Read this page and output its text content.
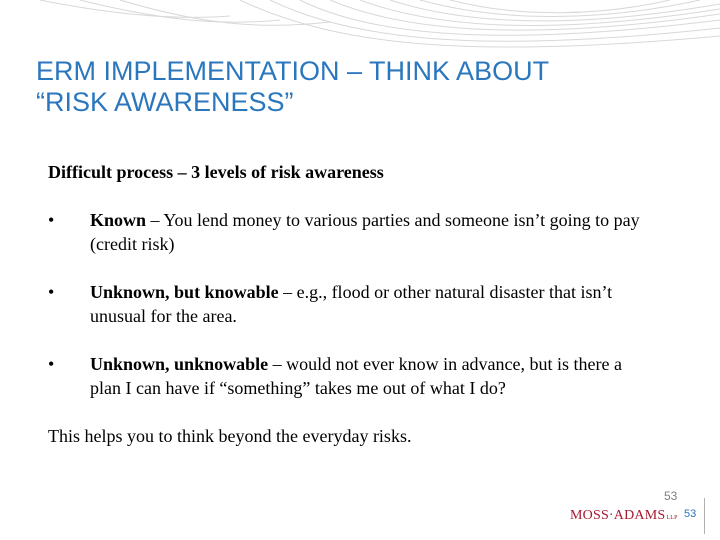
ERM IMPLEMENTATION – THINK ABOUT
“RISK AWARENESS”

Difficult process – 3 levels of risk awareness

• Known – You lend money to various parties and someone isn’t going to pay (credit risk)
• Unknown, but knowable – e.g., flood or other natural disaster that isn’t unusual for the area.
• Unknown, unknowable – would not ever know in advance, but is there a plan I can have if “something” takes me out of what I do?

This helps you to think beyond the everyday risks.

53
MOSS·ADAMSLLP 53
